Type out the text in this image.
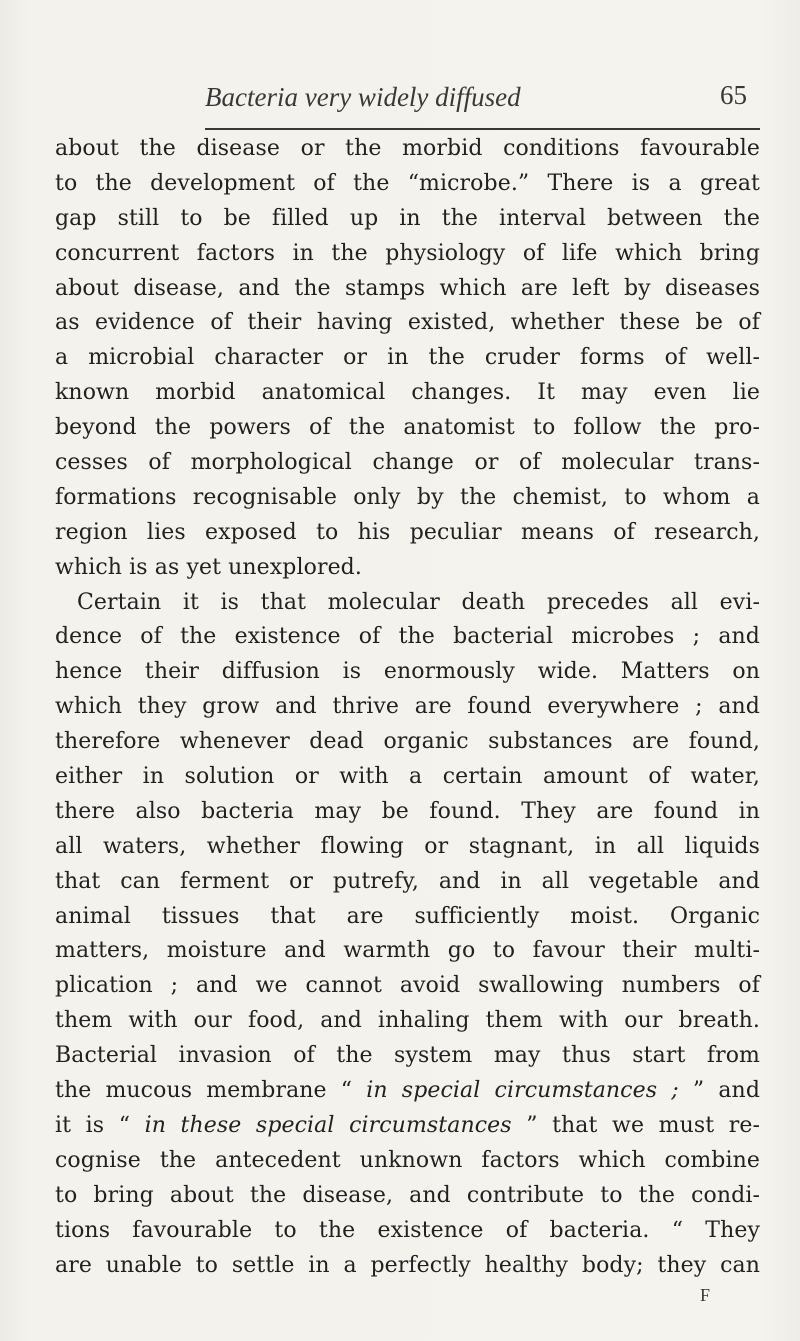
Bacteria very widely diffused	65
about the disease or the morbid conditions favourable
to the development of the “microbe.” There is a great
gap still to be filled up in the interval between the
concurrent factors in the physiology of life which bring
about disease, and the stamps which are left by diseases
as evidence of their having existed, whether these be of
a microbial character or in the cruder forms of well-
known morbid anatomical changes. It may even lie
beyond the powers of the anatomist to follow the pro-
cesses of morphological change or of molecular trans-
formations recognisable only by the chemist, to whom a
region lies exposed to his peculiar means of research,
which is as yet unexplored.
Certain it is that molecular death precedes all evi-
dence of the existence of the bacterial microbes ; and
hence their diffusion is enormously wide. Matters on
which they grow and thrive are found everywhere ; and
therefore whenever dead organic substances are found,
either in solution or with a certain amount of water,
there also bacteria may be found. They are found in
all waters, whether flowing or stagnant, in all liquids
that can ferment or putrefy, and in all vegetable and
animal tissues that are sufficiently moist. Organic
matters, moisture and warmth go to favour their multi-
plication ; and we cannot avoid swallowing numbers of
them with our food, and inhaling them with our breath.
Bacterial invasion of the system may thus start from
the mucous membrane “ in special circumstances ; ” and
it is “ in these special circumstances ” that we must re-
cognise the antecedent unknown factors which combine
to bring about the disease, and contribute to the condi-
tions favourable to the existence of bacteria. “ They
are unable to settle in a perfectly healthy body; they can
F
